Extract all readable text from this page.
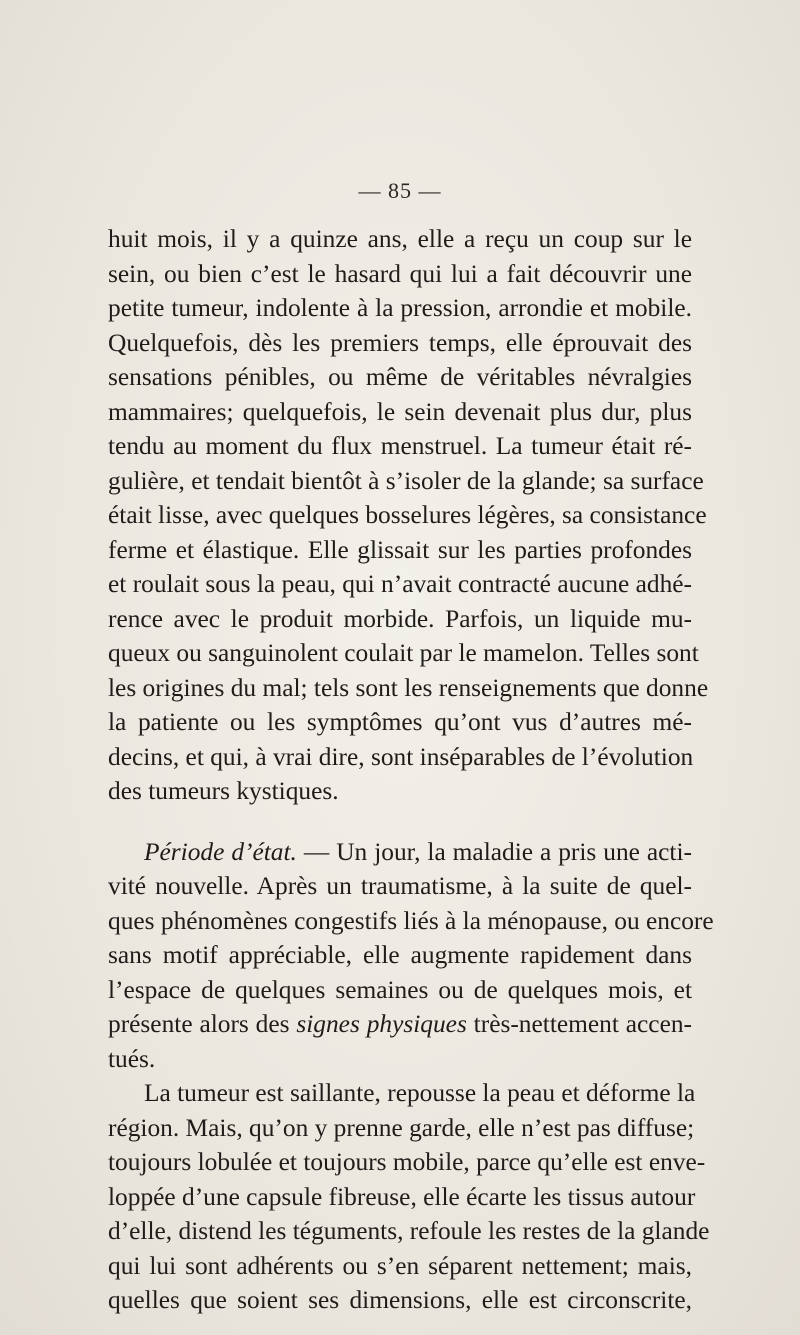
— 85 —
huit mois, il y a quinze ans, elle a reçu un coup sur le
sein, ou bien c’est le hasard qui lui a fait découvrir une
petite tumeur, indolente à la pression, arrondie et mobile.
Quelquefois, dès les premiers temps, elle éprouvait des
sensations pénibles, ou même de véritables névralgies
mammaires; quelquefois, le sein devenait plus dur, plus
tendu au moment du flux menstruel. La tumeur était ré-
gulière, et tendait bientôt à s’isoler de la glande; sa surface
était lisse, avec quelques bosselures légères, sa consistance
ferme et élastique. Elle glissait sur les parties profondes
et roulait sous la peau, qui n’avait contracté aucune adhé-
rence avec le produit morbide. Parfois, un liquide mu-
queux ou sanguinolent coulait par le mamelon. Telles sont
les origines du mal; tels sont les renseignements que donne
la patiente ou les symptômes qu’ont vus d’autres mé-
decins, et qui, à vrai dire, sont inséparables de l’évolution
des tumeurs kystiques.
Période d’état. — Un jour, la maladie a pris une acti-
vité nouvelle. Après un traumatisme, à la suite de quel-
ques phénomènes congestifs liés à la ménopause, ou encore
sans motif appréciable, elle augmente rapidement dans
l’espace de quelques semaines ou de quelques mois, et
présente alors des signes physiques très-nettement accen-
tués.
La tumeur est saillante, repousse la peau et déforme la
région. Mais, qu’on y prenne garde, elle n’est pas diffuse;
toujours lobulée et toujours mobile, parce qu’elle est enve-
loppée d’une capsule fibreuse, elle écarte les tissus autour
d’elle, distend les téguments, refoule les restes de la glande
qui lui sont adhérents ou s’en séparent nettement; mais,
quelles que soient ses dimensions, elle est circonscrite,
